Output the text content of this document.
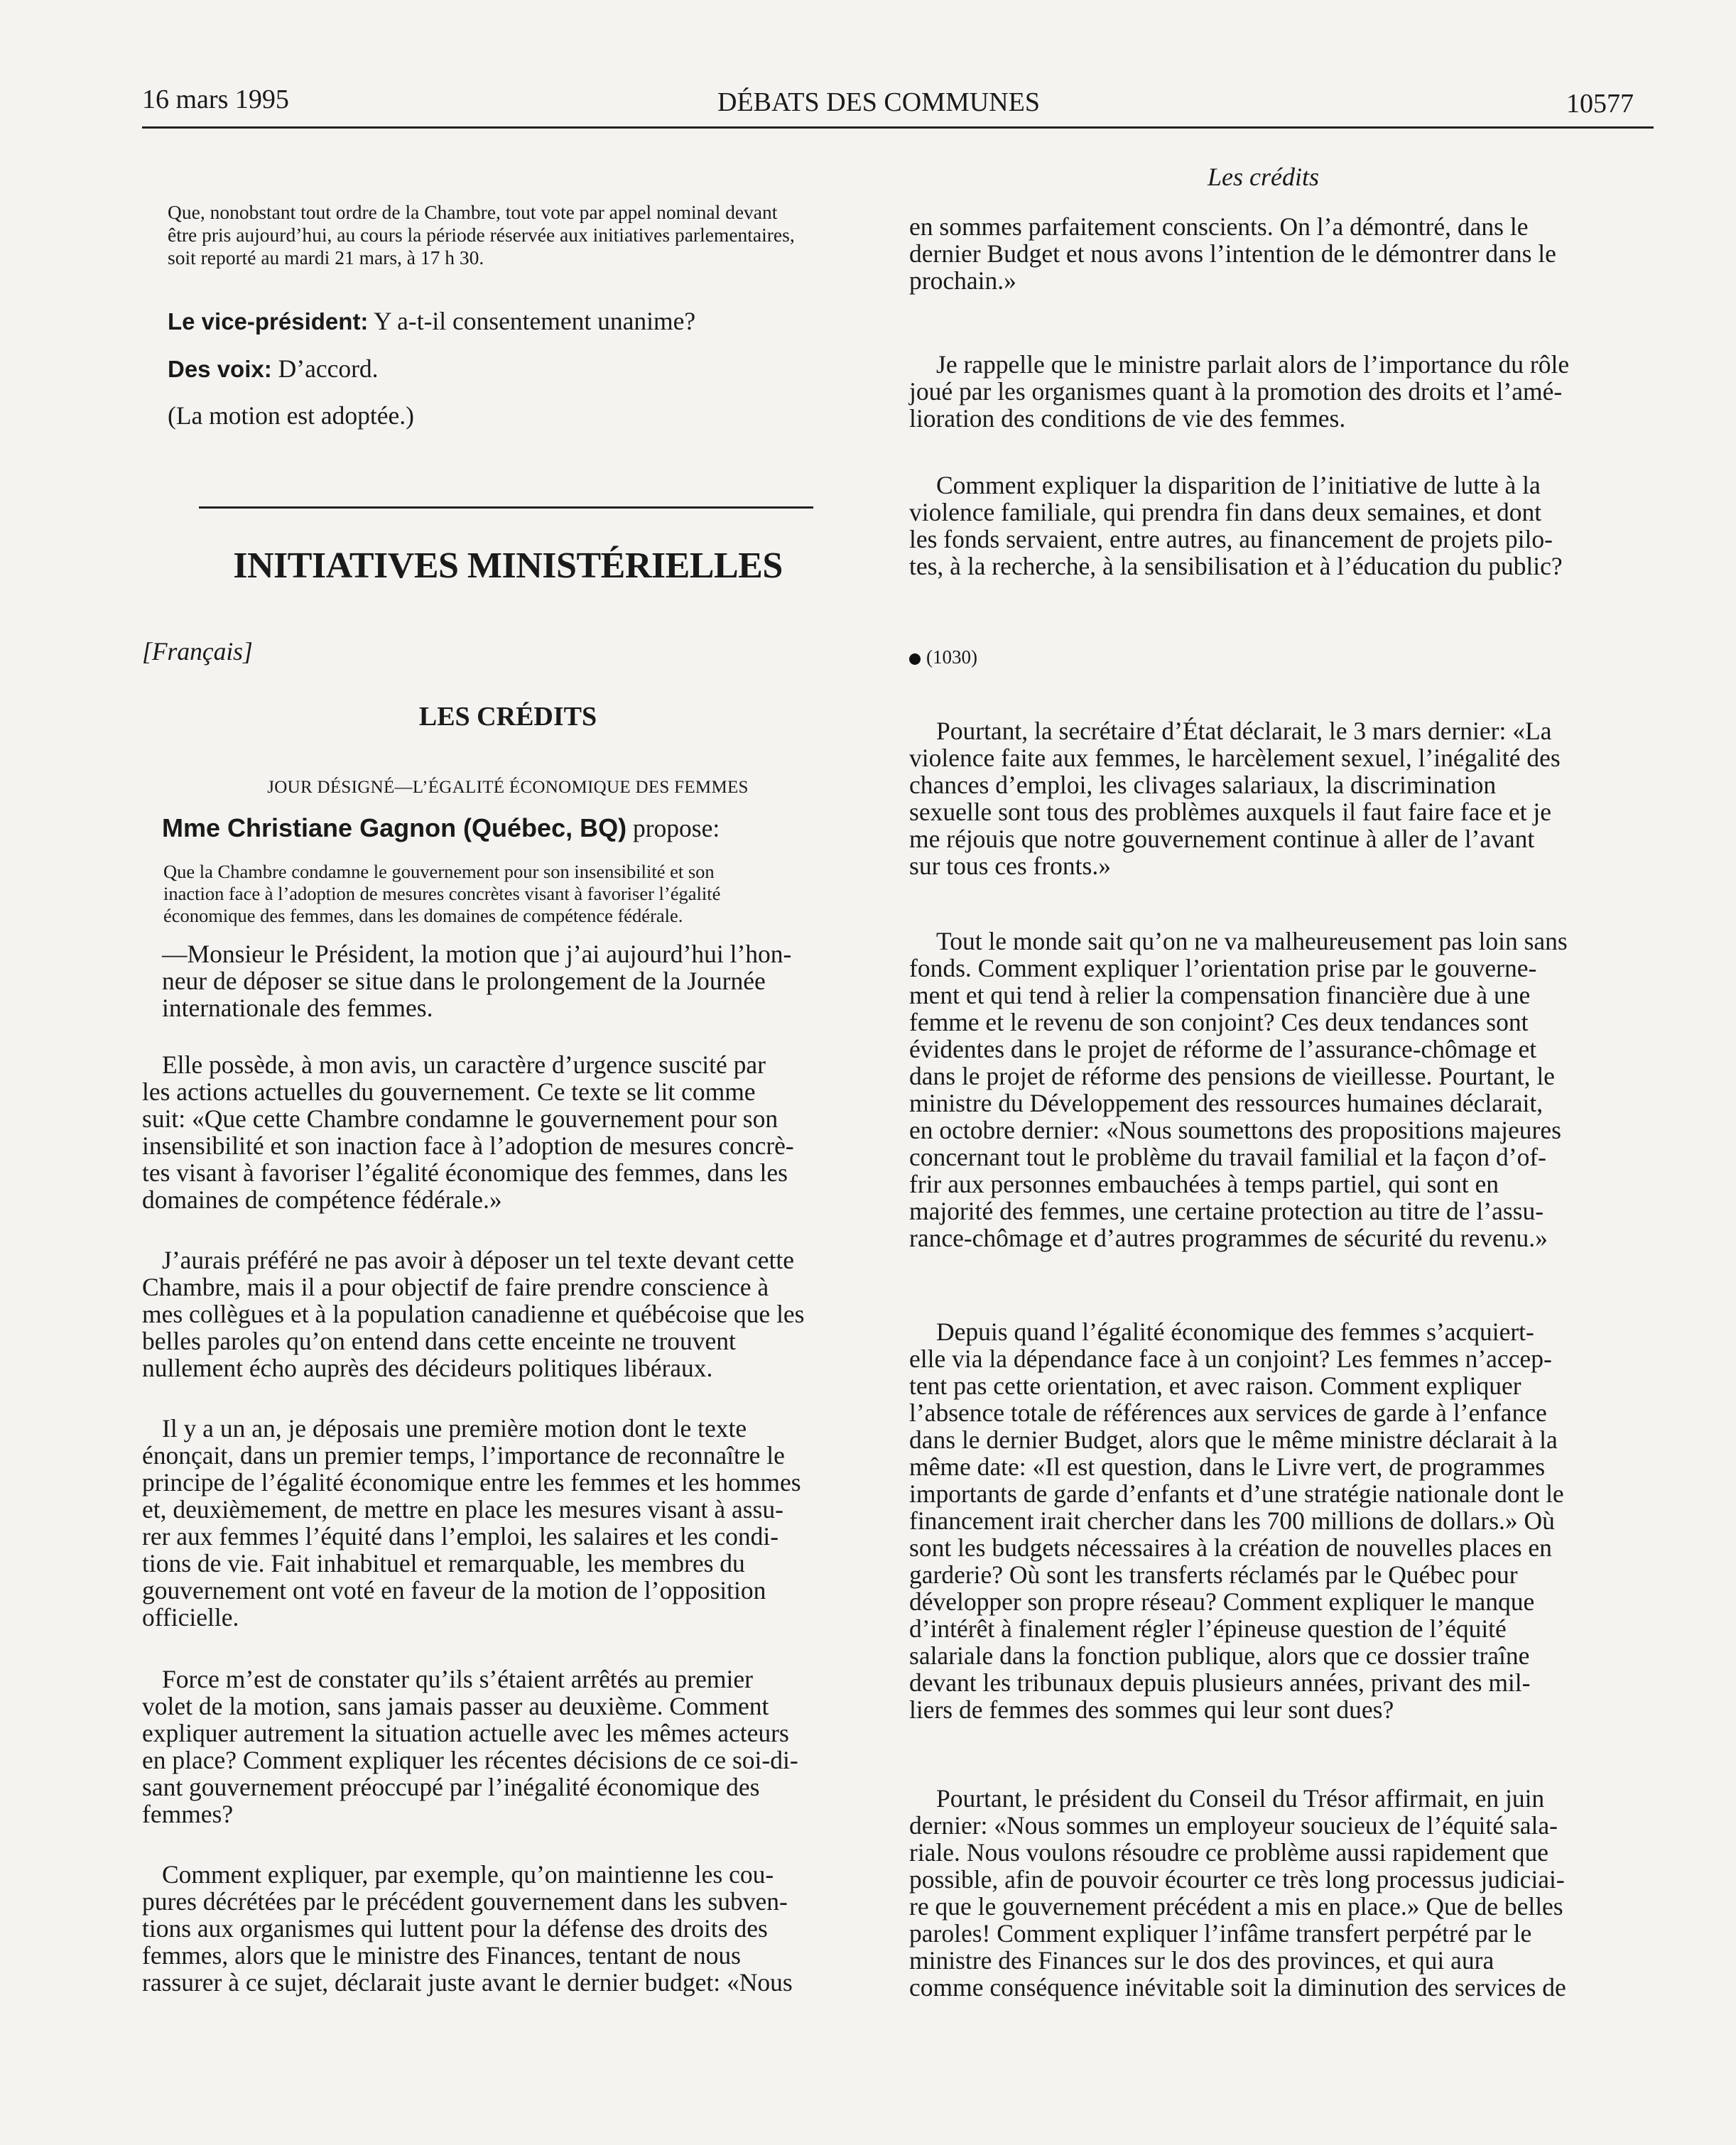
16 mars 1995	DÉBATS DES COMMUNES	10577
Les crédits
Que, nonobstant tout ordre de la Chambre, tout vote par appel nominal devant
être pris aujourd’hui, au cours la période réservée aux initiatives parlementaires,
soit reporté au mardi 21 mars, à 17 h 30.
Le vice-président: Y a-t-il consentement unanime?
Des voix: D’accord.
(La motion est adoptée.)
INITIATIVES MINISTÉRIELLES
[Français]
LES CRÉDITS
JOUR DÉSIGNÉ—L’ÉGALITÉ ÉCONOMIQUE DES FEMMES
Mme Christiane Gagnon (Québec, BQ) propose:
Que la Chambre condamne le gouvernement pour son insensibilité et son
inaction face à l’adoption de mesures concrètes visant à favoriser l’égalité
économique des femmes, dans les domaines de compétence fédérale.
—Monsieur le Président, la motion que j’ai aujourd’hui l’hon-
neur de déposer se situe dans le prolongement de la Journée
internationale des femmes.
Elle possède, à mon avis, un caractère d’urgence suscité par
les actions actuelles du gouvernement. Ce texte se lit comme
suit: «Que cette Chambre condamne le gouvernement pour son
insensibilité et son inaction face à l’adoption de mesures concrè-
tes visant à favoriser l’égalité économique des femmes, dans les
domaines de compétence fédérale.»
J’aurais préféré ne pas avoir à déposer un tel texte devant cette
Chambre, mais il a pour objectif de faire prendre conscience à
mes collègues et à la population canadienne et québécoise que les
belles paroles qu’on entend dans cette enceinte ne trouvent
nullement écho auprès des décideurs politiques libéraux.
Il y a un an, je déposais une première motion dont le texte
énonçait, dans un premier temps, l’importance de reconnaître le
principe de l’égalité économique entre les femmes et les hommes
et, deuxièmement, de mettre en place les mesures visant à assu-
rer aux femmes l’équité dans l’emploi, les salaires et les condi-
tions de vie. Fait inhabituel et remarquable, les membres du
gouvernement ont voté en faveur de la motion de l’opposition
officielle.
Force m’est de constater qu’ils s’étaient arrêtés au premier
volet de la motion, sans jamais passer au deuxième. Comment
expliquer autrement la situation actuelle avec les mêmes acteurs
en place? Comment expliquer les récentes décisions de ce soi-di-
sant gouvernement préoccupé par l’inégalité économique des
femmes?
Comment expliquer, par exemple, qu’on maintienne les cou-
pures décrétées par le précédent gouvernement dans les subven-
tions aux organismes qui luttent pour la défense des droits des
femmes, alors que le ministre des Finances, tentant de nous
rassurer à ce sujet, déclarait juste avant le dernier budget: «Nous
en sommes parfaitement conscients. On l’a démontré, dans le
dernier Budget et nous avons l’intention de le démontrer dans le
prochain.»
Je rappelle que le ministre parlait alors de l’importance du rôle
joué par les organismes quant à la promotion des droits et l’amé-
lioration des conditions de vie des femmes.
Comment expliquer la disparition de l’initiative de lutte à la
violence familiale, qui prendra fin dans deux semaines, et dont
les fonds servaient, entre autres, au financement de projets pilo-
tes, à la recherche, à la sensibilisation et à l’éducation du public?
(1030)
Pourtant, la secrétaire d’État déclarait, le 3 mars dernier: «La
violence faite aux femmes, le harcèlement sexuel, l’inégalité des
chances d’emploi, les clivages salariaux, la discrimination
sexuelle sont tous des problèmes auxquels il faut faire face et je
me réjouis que notre gouvernement continue à aller de l’avant
sur tous ces fronts.»
Tout le monde sait qu’on ne va malheureusement pas loin sans
fonds. Comment expliquer l’orientation prise par le gouverne-
ment et qui tend à relier la compensation financière due à une
femme et le revenu de son conjoint? Ces deux tendances sont
évidentes dans le projet de réforme de l’assurance-chômage et
dans le projet de réforme des pensions de vieillesse. Pourtant, le
ministre du Développement des ressources humaines déclarait,
en octobre dernier: «Nous soumettons des propositions majeures
concernant tout le problème du travail familial et la façon d’of-
frir aux personnes embauchées à temps partiel, qui sont en
majorité des femmes, une certaine protection au titre de l’assu-
rance-chômage et d’autres programmes de sécurité du revenu.»
Depuis quand l’égalité économique des femmes s’acquiert-
elle via la dépendance face à un conjoint? Les femmes n’accep-
tent pas cette orientation, et avec raison. Comment expliquer
l’absence totale de références aux services de garde à l’enfance
dans le dernier Budget, alors que le même ministre déclarait à la
même date: «Il est question, dans le Livre vert, de programmes
importants de garde d’enfants et d’une stratégie nationale dont le
financement irait chercher dans les 700 millions de dollars.» Où
sont les budgets nécessaires à la création de nouvelles places en
garderie? Où sont les transferts réclamés par le Québec pour
développer son propre réseau? Comment expliquer le manque
d’intérêt à finalement régler l’épineuse question de l’équité
salariale dans la fonction publique, alors que ce dossier traîne
devant les tribunaux depuis plusieurs années, privant des mil-
liers de femmes des sommes qui leur sont dues?
Pourtant, le président du Conseil du Trésor affirmait, en juin
dernier: «Nous sommes un employeur soucieux de l’équité sala-
riale. Nous voulons résoudre ce problème aussi rapidement que
possible, afin de pouvoir écourter ce très long processus judiciai-
re que le gouvernement précédent a mis en place.» Que de belles
paroles! Comment expliquer l’infâme transfert perpétré par le
ministre des Finances sur le dos des provinces, et qui aura
comme conséquence inévitable soit la diminution des services de
